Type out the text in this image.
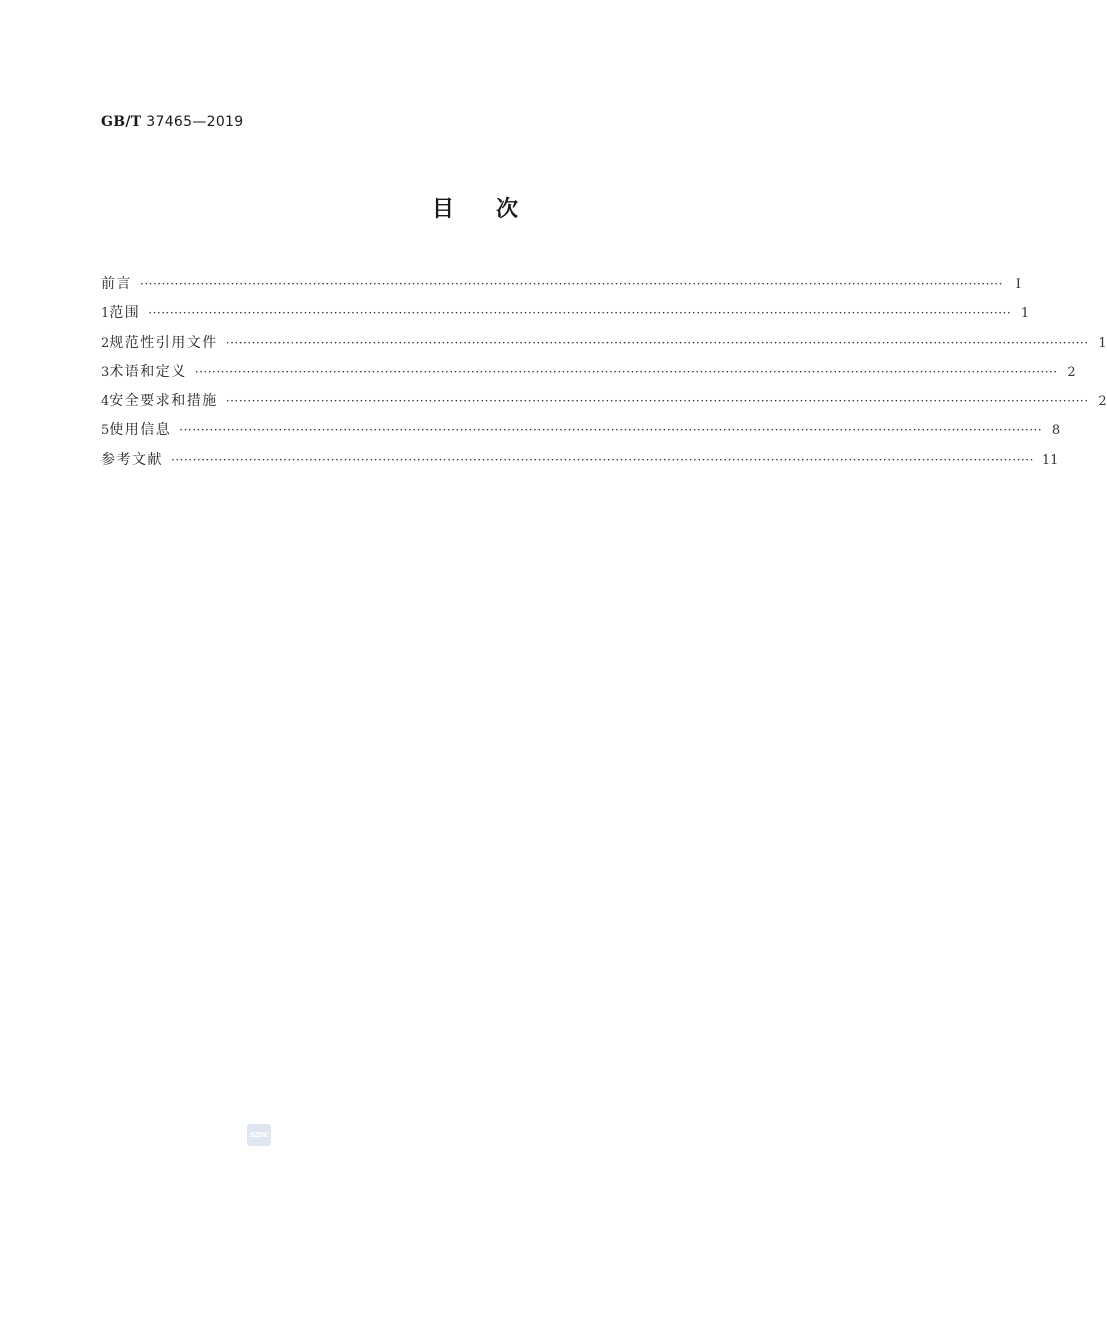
GB/T 37465—2019
目次
前言 ········································································································································································································ Ⅰ
1 范围 ········································································································································································································ 1
2 规范性引用文件 ········································································································································································································ 1
3 术语和定义 ········································································································································································································ 2
4 安全要求和措施 ········································································································································································································ 2
5 使用信息 ········································································································································································································ 8
参考文献 ········································································································································································································ 11
SZIIC
